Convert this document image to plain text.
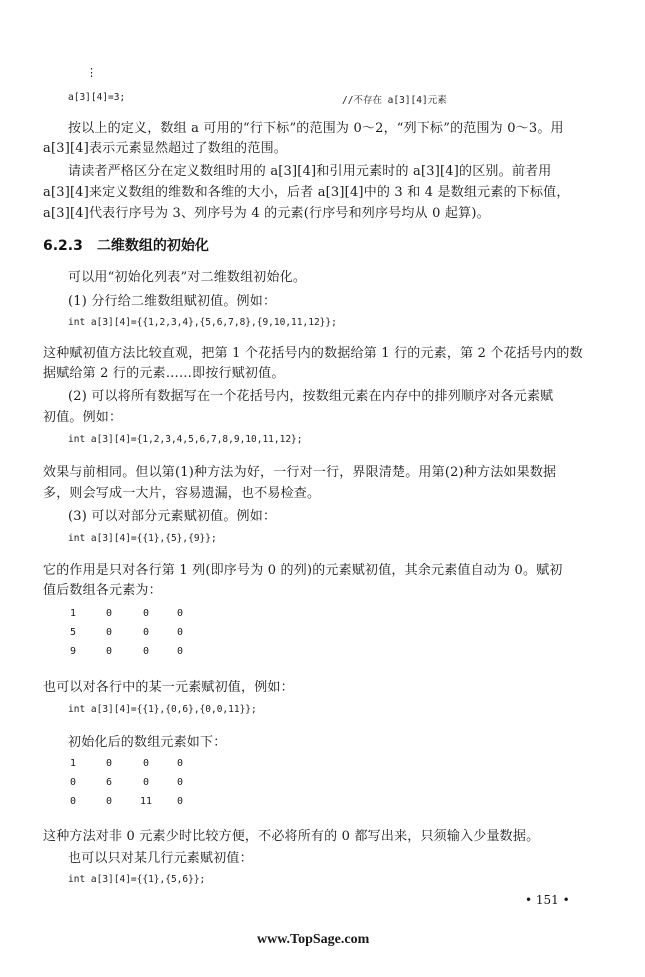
⋮
a[3][4]=3;	//不存在 a[3][4]元素
按以上的定义，数组 a 可用的“行下标”的范围为 0～2，“列下标”的范围为 0～3。用
a[3][4]表示元素显然超过了数组的范围。
请读者严格区分在定义数组时用的 a[3][4]和引用元素时的 a[3][4]的区别。前者用
a[3][4]来定义数组的维数和各维的大小，后者 a[3][4]中的 3 和 4 是数组元素的下标值，
a[3][4]代表行序号为 3、列序号为 4 的元素(行序号和列序号均从 0 起算)。
6.2.3 二维数组的初始化
可以用“初始化列表”对二维数组初始化。
(1) 分行给二维数组赋初值。例如：
int a[3][4]={{1,2,3,4},{5,6,7,8},{9,10,11,12}};
这种赋初值方法比较直观，把第 1 个花括号内的数据给第 1 行的元素，第 2 个花括号内的数
据赋给第 2 行的元素……即按行赋初值。
(2) 可以将所有数据写在一个花括号内，按数组元素在内存中的排列顺序对各元素赋
初值。例如：
int a[3][4]={1,2,3,4,5,6,7,8,9,10,11,12};
效果与前相同。但以第(1)种方法为好，一行对一行，界限清楚。用第(2)种方法如果数据
多，则会写成一大片，容易遗漏，也不易检查。
(3) 可以对部分元素赋初值。例如：
int a[3][4]={{1},{5},{9}};
它的作用是只对各行第 1 列(即序号为 0 的列)的元素赋初值，其余元素值自动为 0。赋初
值后数组各元素为：
1	0	0	0
5	0	0	0
9	0	0	0
也可以对各行中的某一元素赋初值，例如：
int a[3][4]={{1},{0,6},{0,0,11}};
初始化后的数组元素如下：
1	0	0	0
0	6	0	0
0	0	11	0
这种方法对非 0 元素少时比较方便，不必将所有的 0 都写出来，只须输入少量数据。
也可以只对某几行元素赋初值：
int a[3][4]={{1},{5,6}};
• 151 •
www.TopSage.com
